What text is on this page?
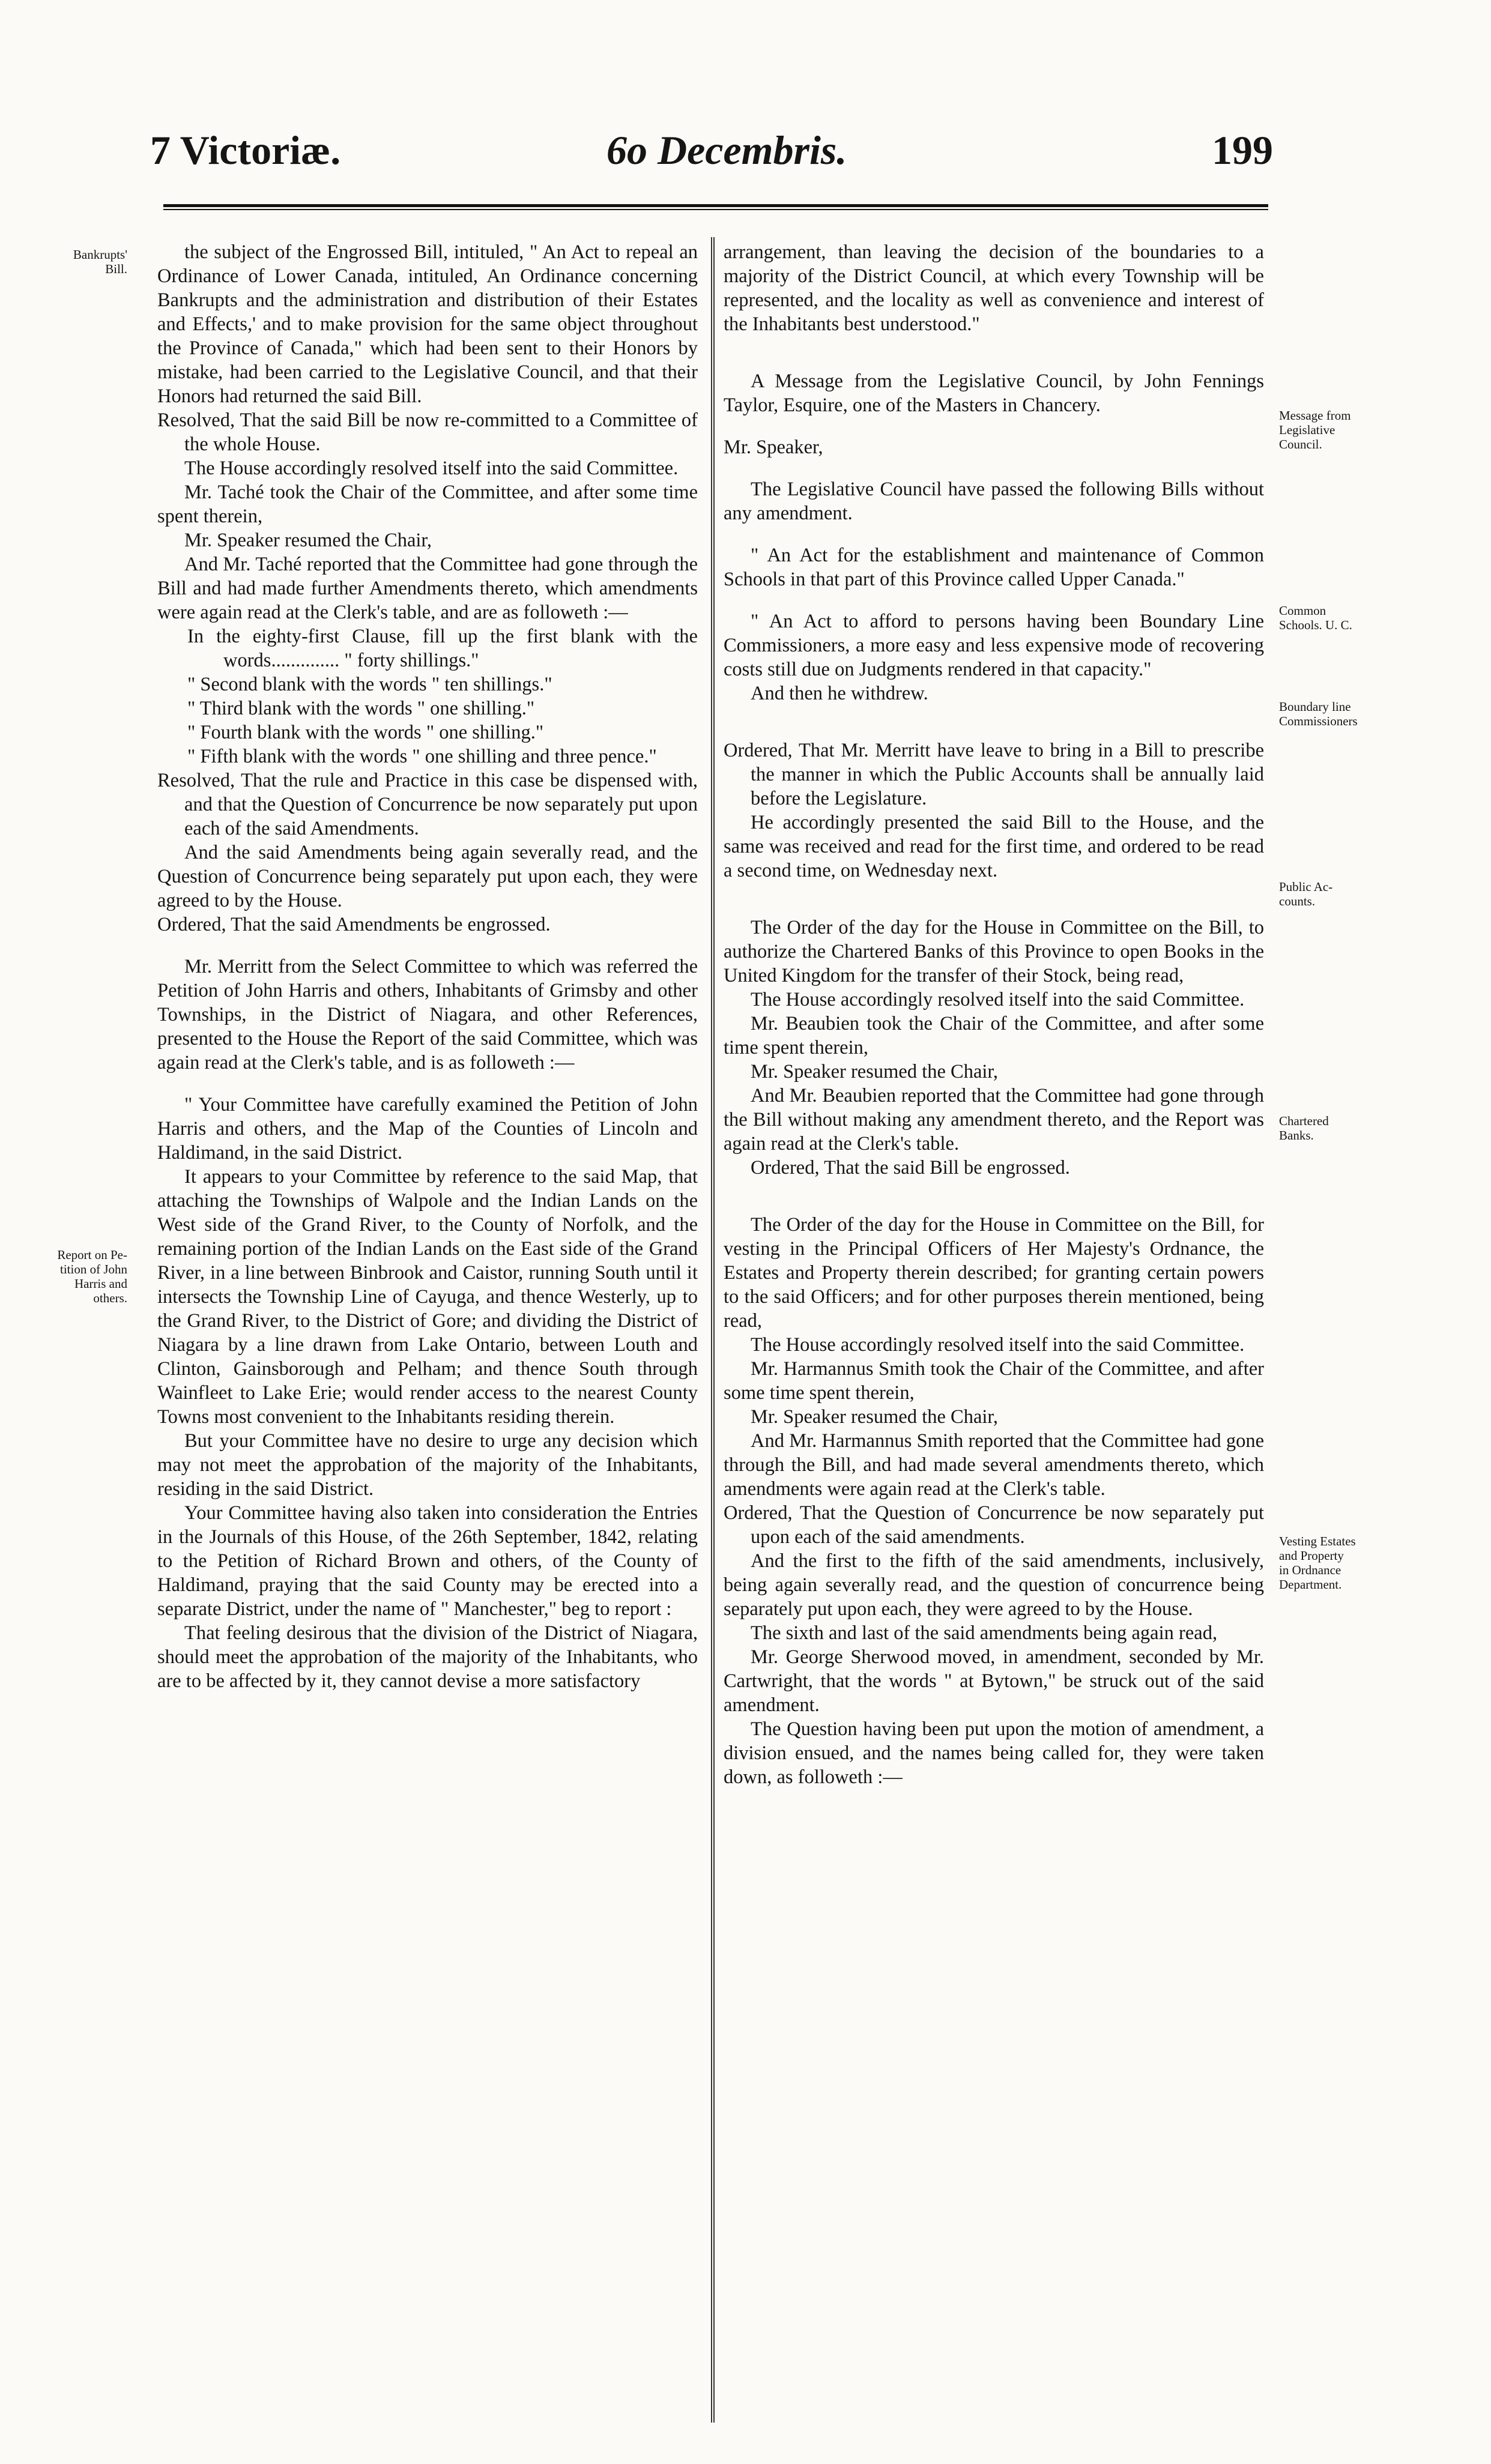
7 Victoriæ.	6o Decembris.	199
Bankrupts'
Bill.
Report on Pe-
tition of John
Harris and
others.
Message from
Legislative
Council.
Common
Schools. U. C.
Boundary line
Commissioners
Public Ac-
counts.
Chartered
Banks.
Vesting Estates
and Property
in Ordnance
Department.

the subject of the Engrossed Bill, intituled, " An Act to repeal an Ordinance of Lower Canada, intituled, An Ordinance concerning Bankrupts and the administration and distribution of their Estates and Effects,' and to make provision for the same object throughout the Province of Canada," which had been sent to their Honors by mistake, had been carried to the Legislative Council, and that their Honors had returned the said Bill.

Resolved, That the said Bill be now re-committed to a Committee of the whole House.

The House accordingly resolved itself into the said Committee.

Mr. Taché took the Chair of the Committee, and after some time spent therein,

Mr. Speaker resumed the Chair,

And Mr. Taché reported that the Committee had gone through the Bill and had made further Amendments thereto, which amendments were again read at the Clerk's table, and are as followeth :—

In the eighty-first Clause, fill up the first blank with the words.............. " forty shillings."

" Second blank with the words " ten shillings."

" Third blank with the words " one shilling."

" Fourth blank with the words " one shilling."

" Fifth blank with the words " one shilling and three pence."

Resolved, That the rule and Practice in this case be dispensed with, and that the Question of Concurrence be now separately put upon each of the said Amendments.

And the said Amendments being again severally read, and the Question of Concurrence being separately put upon each, they were agreed to by the House.

Ordered, That the said Amendments be engrossed.

Mr. Merritt from the Select Committee to which was referred the Petition of John Harris and others, Inhabitants of Grimsby and other Townships, in the District of Niagara, and other References, presented to the House the Report of the said Committee, which was again read at the Clerk's table, and is as followeth :—

" Your Committee have carefully examined the Petition of John Harris and others, and the Map of the Counties of Lincoln and Haldimand, in the said District.

It appears to your Committee by reference to the said Map, that attaching the Townships of Walpole and the Indian Lands on the West side of the Grand River, to the County of Norfolk, and the remaining portion of the Indian Lands on the East side of the Grand River, in a line between Binbrook and Caistor, running South until it intersects the Township Line of Cayuga, and thence Westerly, up to the Grand River, to the District of Gore; and dividing the District of Niagara by a line drawn from Lake Ontario, between Louth and Clinton, Gainsborough and Pelham; and thence South through Wainfleet to Lake Erie; would render access to the nearest County Towns most convenient to the Inhabitants residing therein.

But your Committee have no desire to urge any decision which may not meet the approbation of the majority of the Inhabitants, residing in the said District.

Your Committee having also taken into consideration the Entries in the Journals of this House, of the 26th September, 1842, relating to the Petition of Richard Brown and others, of the County of Haldimand, praying that the said County may be erected into a separate District, under the name of " Manchester," beg to report :

That feeling desirous that the division of the District of Niagara, should meet the approbation of the majority of the Inhabitants, who are to be affected by it, they cannot devise a more satisfactory

arrangement, than leaving the decision of the boundaries to a majority of the District Council, at which every Township will be represented, and the locality as well as convenience and interest of the Inhabitants best understood."

A Message from the Legislative Council, by John Fennings Taylor, Esquire, one of the Masters in Chancery.

Mr. Speaker,

The Legislative Council have passed the following Bills without any amendment.

" An Act for the establishment and maintenance of Common Schools in that part of this Province called Upper Canada."

" An Act to afford to persons having been Boundary Line Commissioners, a more easy and less expensive mode of recovering costs still due on Judgments rendered in that capacity."

And then he withdrew.

Ordered, That Mr. Merritt have leave to bring in a Bill to prescribe the manner in which the Public Accounts shall be annually laid before the Legislature.

He accordingly presented the said Bill to the House, and the same was received and read for the first time, and ordered to be read a second time, on Wednesday next.

The Order of the day for the House in Committee on the Bill, to authorize the Chartered Banks of this Province to open Books in the United Kingdom for the transfer of their Stock, being read,

The House accordingly resolved itself into the said Committee.

Mr. Beaubien took the Chair of the Committee, and after some time spent therein,

Mr. Speaker resumed the Chair,

And Mr. Beaubien reported that the Committee had gone through the Bill without making any amendment thereto, and the Report was again read at the Clerk's table.

Ordered, That the said Bill be engrossed.

The Order of the day for the House in Committee on the Bill, for vesting in the Principal Officers of Her Majesty's Ordnance, the Estates and Property therein described; for granting certain powers to the said Officers; and for other purposes therein mentioned, being read,

The House accordingly resolved itself into the said Committee.

Mr. Harmannus Smith took the Chair of the Committee, and after some time spent therein,

Mr. Speaker resumed the Chair,

And Mr. Harmannus Smith reported that the Committee had gone through the Bill, and had made several amendments thereto, which amendments were again read at the Clerk's table.

Ordered, That the Question of Concurrence be now separately put upon each of the said amendments.

And the first to the fifth of the said amendments, inclusively, being again severally read, and the question of concurrence being separately put upon each, they were agreed to by the House.

The sixth and last of the said amendments being again read,

Mr. George Sherwood moved, in amendment, seconded by Mr. Cartwright, that the words " at Bytown," be struck out of the said amendment.

The Question having been put upon the motion of amendment, a division ensued, and the names being called for, they were taken down, as followeth :—
